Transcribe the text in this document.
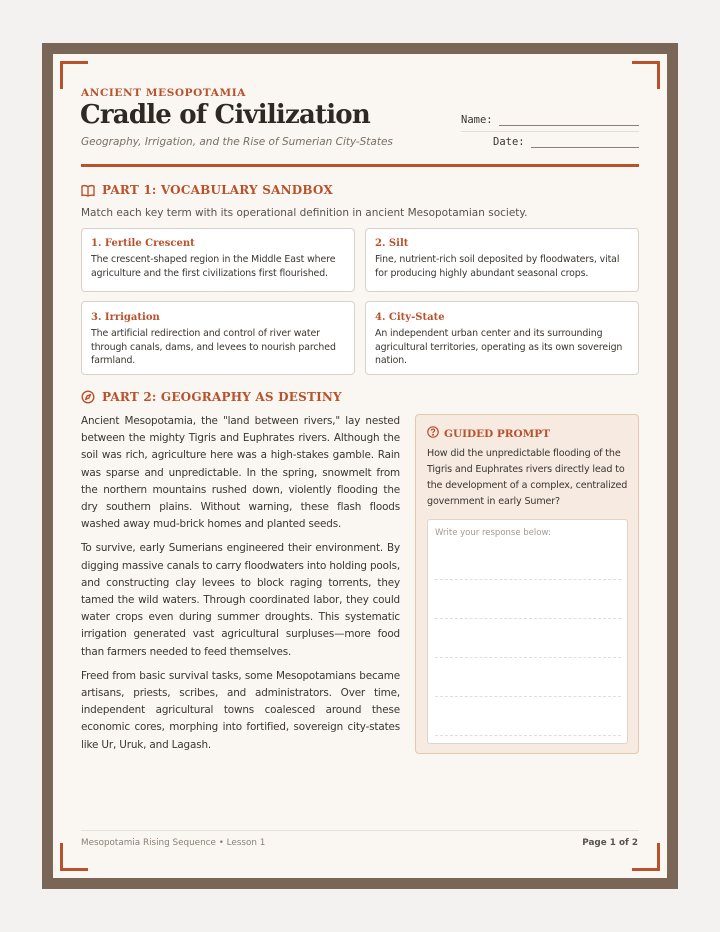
ANCIENT MESOPOTAMIA
Cradle of Civilization
Geography, Irrigation, and the Rise of Sumerian City-States
Name:
Date:
PART 1: VOCABULARY SANDBOX
Match each key term with its operational definition in ancient Mesopotamian society.
1. Fertile Crescent
The crescent-shaped region in the Middle East where agriculture and the first civilizations first flourished.
2. Silt
Fine, nutrient-rich soil deposited by floodwaters, vital for producing highly abundant seasonal crops.
3. Irrigation
The artificial redirection and control of river water through canals, dams, and levees to nourish parched farmland.
4. City-State
An independent urban center and its surrounding agricultural territories, operating as its own sovereign nation.
PART 2: GEOGRAPHY AS DESTINY

Ancient Mesopotamia, the "land between rivers," lay nested between the mighty Tigris and Euphrates rivers. Although the soil was rich, agriculture here was a high-stakes gamble. Rain was sparse and unpredictable. In the spring, snowmelt from the northern mountains rushed down, violently flooding the dry southern plains. Without warning, these flash floods washed away mud-brick homes and planted seeds.

To survive, early Sumerians engineered their environment. By digging massive canals to carry floodwaters into holding pools, and constructing clay levees to block raging torrents, they tamed the wild waters. Through coordinated labor, they could water crops even during summer droughts. This systematic irrigation generated vast agricultural surpluses—more food than farmers needed to feed themselves.

Freed from basic survival tasks, some Mesopotamians became artisans, priests, scribes, and administrators. Over time, independent agricultural towns coalesced around these economic cores, morphing into fortified, sovereign city-states like Ur, Uruk, and Lagash.

GUIDED PROMPT
How did the unpredictable flooding of the Tigris and Euphrates rivers directly lead to the development of a complex, centralized government in early Sumer?
Write your response below:
Mesopotamia Rising Sequence • Lesson 1	Page 1 of 2
